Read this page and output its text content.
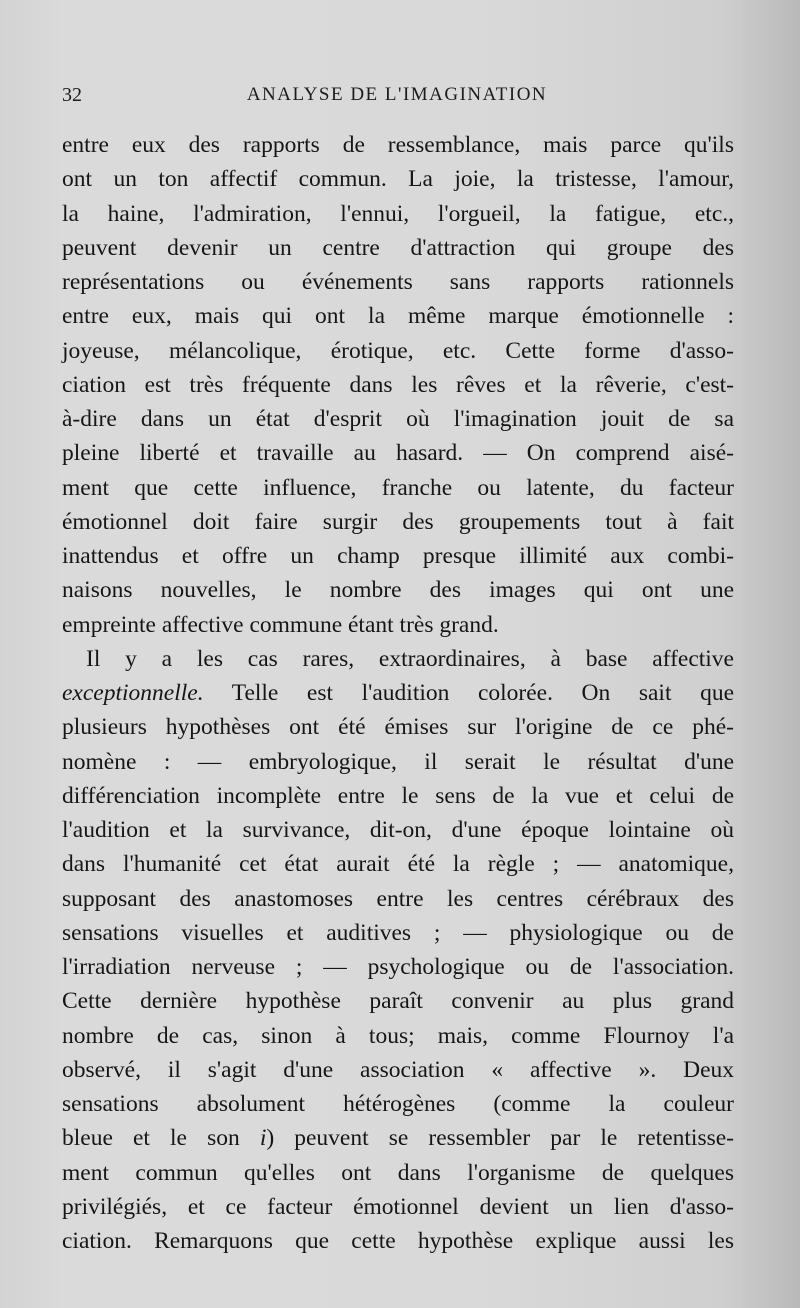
32	ANALYSE DE L'IMAGINATION
entre eux des rapports de ressemblance, mais parce qu'ils
ont un ton affectif commun. La joie, la tristesse, l'amour,
la haine, l'admiration, l'ennui, l'orgueil, la fatigue, etc.,
peuvent devenir un centre d'attraction qui groupe des
représentations ou événements sans rapports rationnels
entre eux, mais qui ont la même marque émotionnelle :
joyeuse, mélancolique, érotique, etc. Cette forme d'asso-
ciation est très fréquente dans les rêves et la rêverie, c'est-
à-dire dans un état d'esprit où l'imagination jouit de sa
pleine liberté et travaille au hasard. — On comprend aisé-
ment que cette influence, franche ou latente, du facteur
émotionnel doit faire surgir des groupements tout à fait
inattendus et offre un champ presque illimité aux combi-
naisons nouvelles, le nombre des images qui ont une
empreinte affective commune étant très grand.
Il y a les cas rares, extraordinaires, à base affective
exceptionnelle. Telle est l'audition colorée. On sait que
plusieurs hypothèses ont été émises sur l'origine de ce phé-
nomène : — embryologique, il serait le résultat d'une
différenciation incomplète entre le sens de la vue et celui de
l'audition et la survivance, dit-on, d'une époque lointaine où
dans l'humanité cet état aurait été la règle ; — anatomique,
supposant des anastomoses entre les centres cérébraux des
sensations visuelles et auditives ; — physiologique ou de
l'irradiation nerveuse ; — psychologique ou de l'association.
Cette dernière hypothèse paraît convenir au plus grand
nombre de cas, sinon à tous; mais, comme Flournoy l'a
observé, il s'agit d'une association « affective ». Deux
sensations absolument hétérogènes (comme la couleur
bleue et le son i) peuvent se ressembler par le retentisse-
ment commun qu'elles ont dans l'organisme de quelques
privilégiés, et ce facteur émotionnel devient un lien d'asso-
ciation. Remarquons que cette hypothèse explique aussi les
